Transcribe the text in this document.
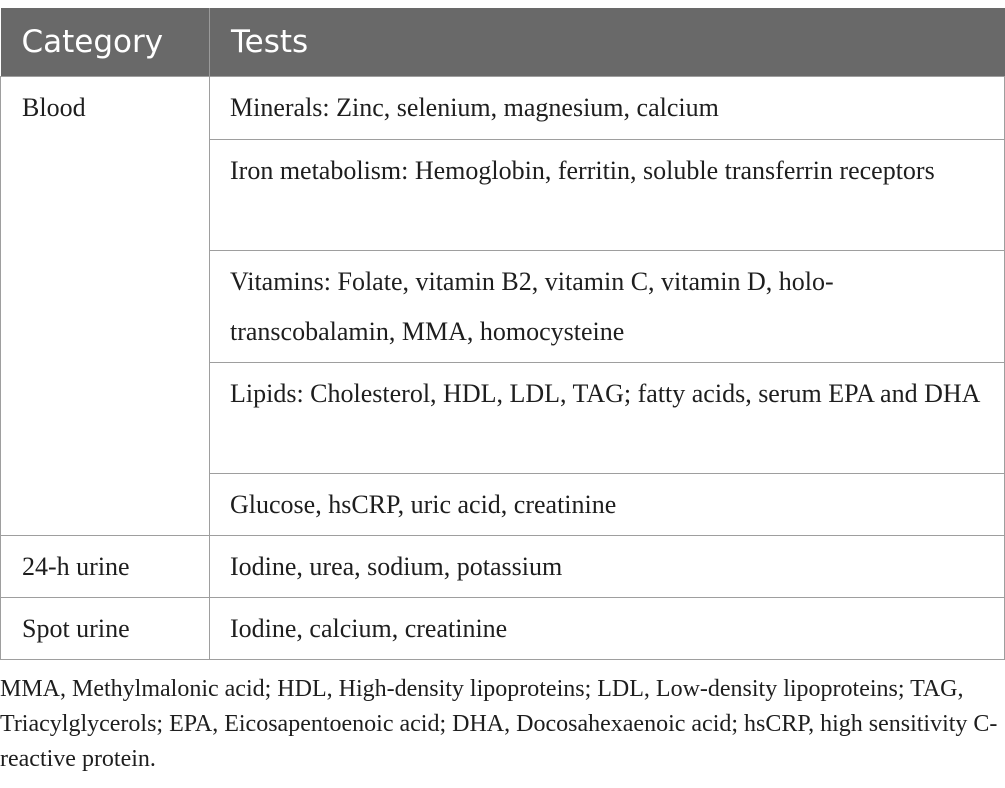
Category	Tests
Blood	Minerals: Zinc, selenium, magnesium, calcium
	Iron metabolism: Hemoglobin, ferritin, soluble transferrin receptors
	Vitamins: Folate, vitamin B2, vitamin C, vitamin D, holo-transcobalamin, MMA, homocysteine
	Lipids: Cholesterol, HDL, LDL, TAG; fatty acids, serum EPA and DHA
	Glucose, hsCRP, uric acid, creatinine
24-h urine	Iodine, urea, sodium, potassium
Spot urine	Iodine, calcium, creatinine

MMA, Methylmalonic acid; HDL, High-density lipoproteins; LDL, Low-density lipoproteins; TAG, Triacylglycerols; EPA, Eicosapentoenoic acid; DHA, Docosahexaenoic acid; hsCRP, high sensitivity C-reactive protein.
